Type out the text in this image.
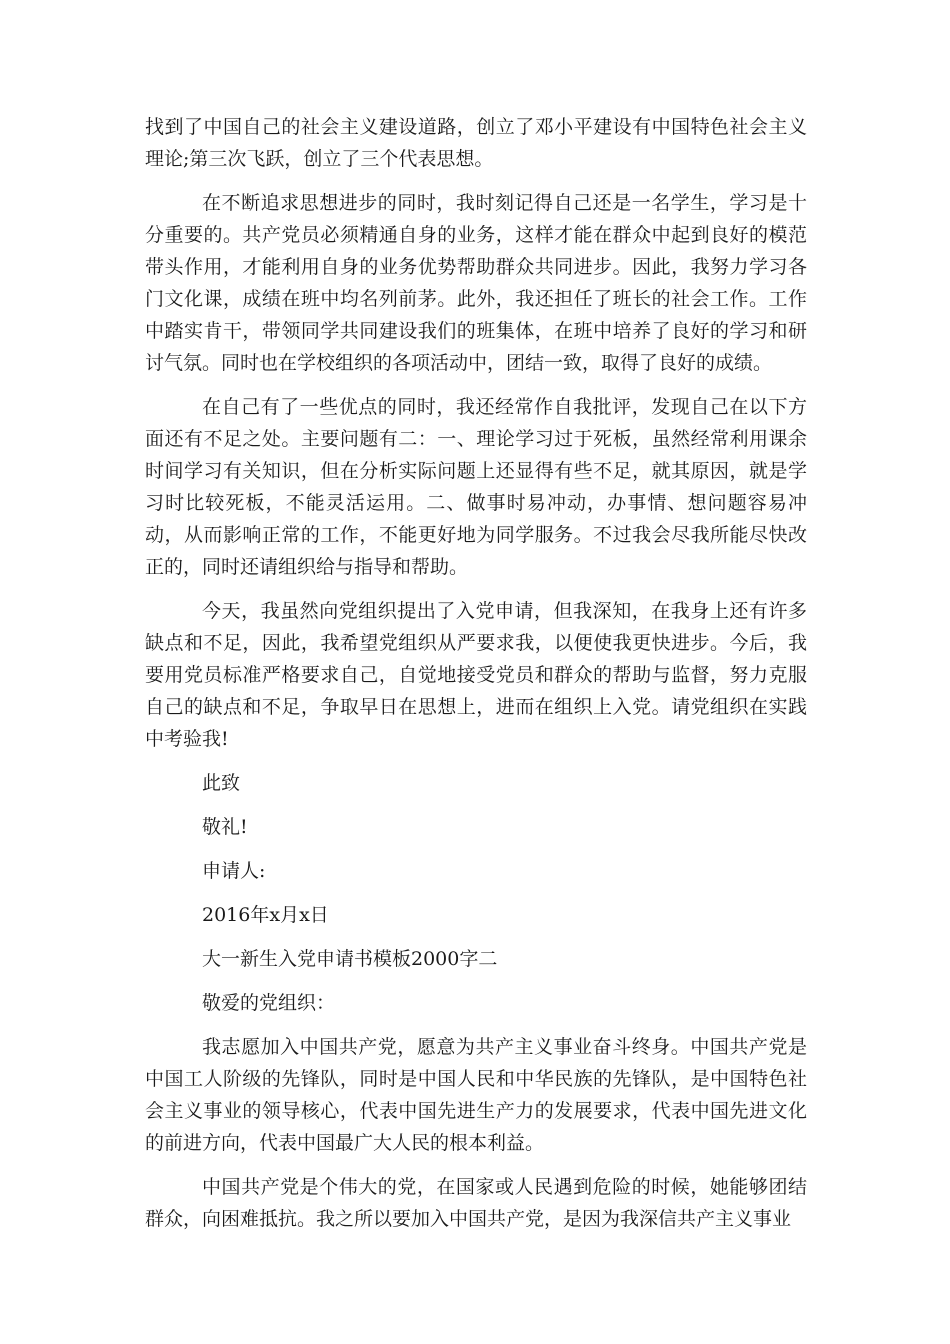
找到了中国自己的社会主义建设道路，创立了邓小平建设有中国特色社会主义理论;第三次飞跃，创立了三个代表思想。

在不断追求思想进步的同时，我时刻记得自己还是一名学生，学习是十分重要的。共产党员必须精通自身的业务，这样才能在群众中起到良好的模范带头作用，才能利用自身的业务优势帮助群众共同进步。因此，我努力学习各门文化课，成绩在班中均名列前茅。此外，我还担任了班长的社会工作。工作中踏实肯干，带领同学共同建设我们的班集体，在班中培养了良好的学习和研讨气氛。同时也在学校组织的各项活动中，团结一致，取得了良好的成绩。

在自己有了一些优点的同时，我还经常作自我批评，发现自己在以下方面还有不足之处。主要问题有二：一、理论学习过于死板，虽然经常利用课余时间学习有关知识，但在分析实际问题上还显得有些不足，就其原因，就是学习时比较死板，不能灵活运用。二、做事时易冲动，办事情、想问题容易冲动，从而影响正常的工作，不能更好地为同学服务。不过我会尽我所能尽快改正的，同时还请组织给与指导和帮助。

今天，我虽然向党组织提出了入党申请，但我深知，在我身上还有许多缺点和不足，因此，我希望党组织从严要求我，以便使我更快进步。今后，我要用党员标准严格要求自己，自觉地接受党员和群众的帮助与监督，努力克服自己的缺点和不足，争取早日在思想上，进而在组织上入党。请党组织在实践中考验我!

此致
敬礼!
申请人:
2016年x月x日
大一新生入党申请书模板2000字二
敬爱的党组织：

我志愿加入中国共产党，愿意为共产主义事业奋斗终身。中国共产党是中国工人阶级的先锋队，同时是中国人民和中华民族的先锋队，是中国特色社会主义事业的领导核心，代表中国先进生产力的发展要求，代表中国先进文化的前进方向，代表中国最广大人民的根本利益。

中国共产党是个伟大的党，在国家或人民遇到危险的时候，她能够团结群众，向困难抵抗。我之所以要加入中国共产党，是因为我深信共产主义事业
